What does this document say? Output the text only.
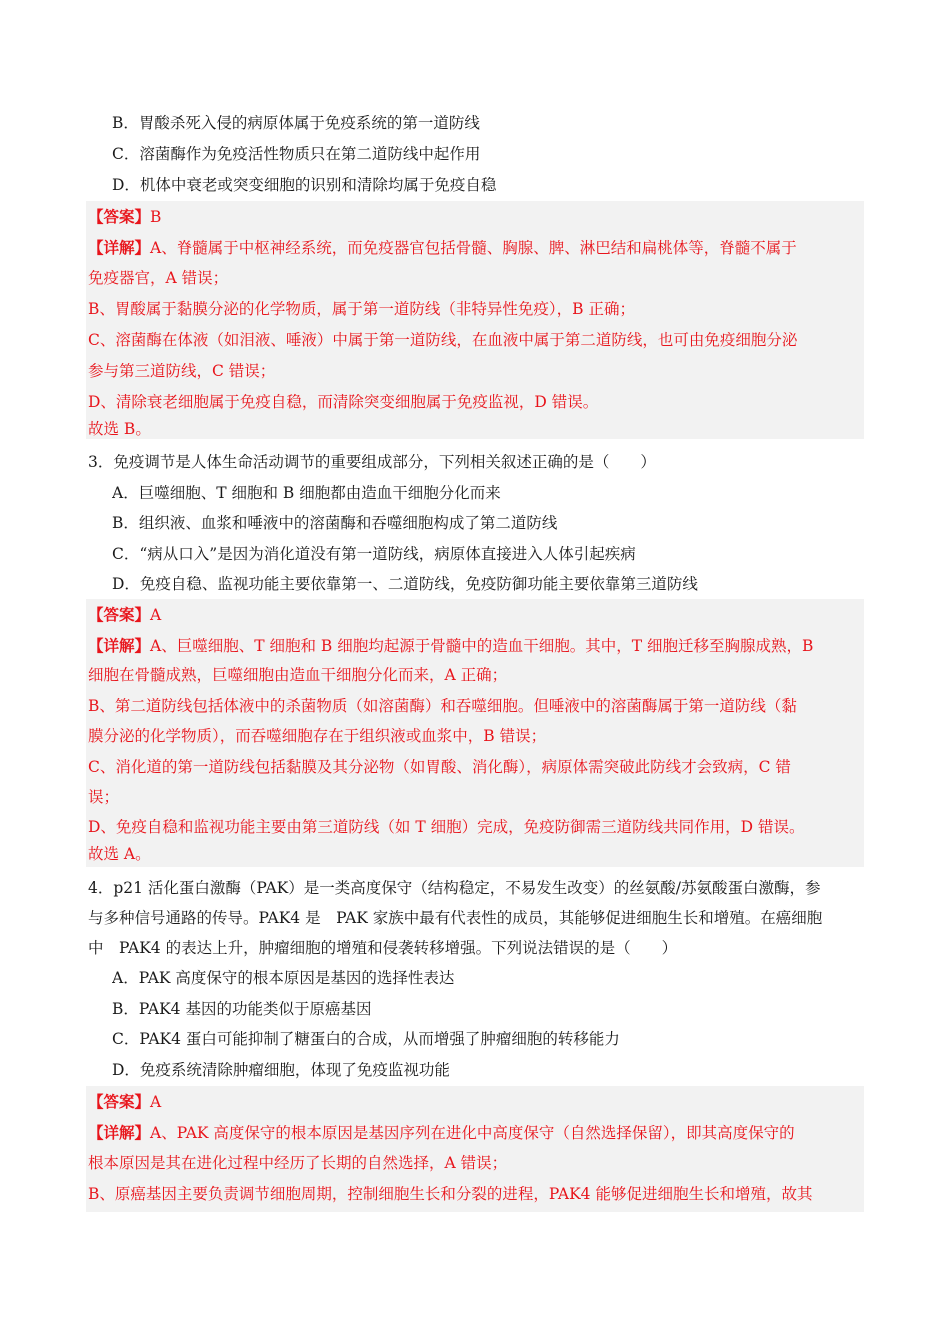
B．胃酸杀死入侵的病原体属于免疫系统的第一道防线
C．溶菌酶作为免疫活性物质只在第二道防线中起作用
D．机体中衰老或突变细胞的识别和清除均属于免疫自稳
【答案】B
【详解】A、脊髓属于中枢神经系统，而免疫器官包括骨髓、胸腺、脾、淋巴结和扁桃体等，脊髓不属于
免疫器官，A 错误；
B、胃酸属于黏膜分泌的化学物质，属于第一道防线（非特异性免疫），B 正确；
C、溶菌酶在体液（如泪液、唾液）中属于第一道防线，在血液中属于第二道防线，也可由免疫细胞分泌
参与第三道防线，C 错误；
D、清除衰老细胞属于免疫自稳，而清除突变细胞属于免疫监视，D 错误。
故选 B。
3．免疫调节是人体生命活动调节的重要组成部分，下列相关叙述正确的是（　　）
A．巨噬细胞、T 细胞和 B 细胞都由造血干细胞分化而来
B．组织液、血浆和唾液中的溶菌酶和吞噬细胞构成了第二道防线
C．“病从口入”是因为消化道没有第一道防线，病原体直接进入人体引起疾病
D．免疫自稳、监视功能主要依靠第一、二道防线，免疫防御功能主要依靠第三道防线
【答案】A
【详解】A、巨噬细胞、T 细胞和 B 细胞均起源于骨髓中的造血干细胞。其中，T 细胞迁移至胸腺成熟，B
细胞在骨髓成熟，巨噬细胞由造血干细胞分化而来，A 正确；
B、第二道防线包括体液中的杀菌物质（如溶菌酶）和吞噬细胞。但唾液中的溶菌酶属于第一道防线（黏
膜分泌的化学物质），而吞噬细胞存在于组织液或血浆中，B 错误；
C、消化道的第一道防线包括黏膜及其分泌物（如胃酸、消化酶），病原体需突破此防线才会致病，C 错
误；
D、免疫自稳和监视功能主要由第三道防线（如 T 细胞）完成，免疫防御需三道防线共同作用，D 错误。
故选 A。
4．p21 活化蛋白激酶（PAK）是一类高度保守（结构稳定，不易发生改变）的丝氨酸/苏氨酸蛋白激酶，参
与多种信号通路的传导。PAK4 是　PAK 家族中最有代表性的成员，其能够促进细胞生长和增殖。在癌细胞
中　PAK4 的表达上升，肿瘤细胞的增殖和侵袭转移增强。下列说法错误的是（　　）
A．PAK 高度保守的根本原因是基因的选择性表达
B．PAK4 基因的功能类似于原癌基因
C．PAK4 蛋白可能抑制了糖蛋白的合成，从而增强了肿瘤细胞的转移能力
D．免疫系统清除肿瘤细胞，体现了免疫监视功能
【答案】A
【详解】A、PAK 高度保守的根本原因是基因序列在进化中高度保守（自然选择保留），即其高度保守的
根本原因是其在进化过程中经历了长期的自然选择，A 错误；
B、原癌基因主要负责调节细胞周期，控制细胞生长和分裂的进程，PAK4 能够促进细胞生长和增殖，故其
